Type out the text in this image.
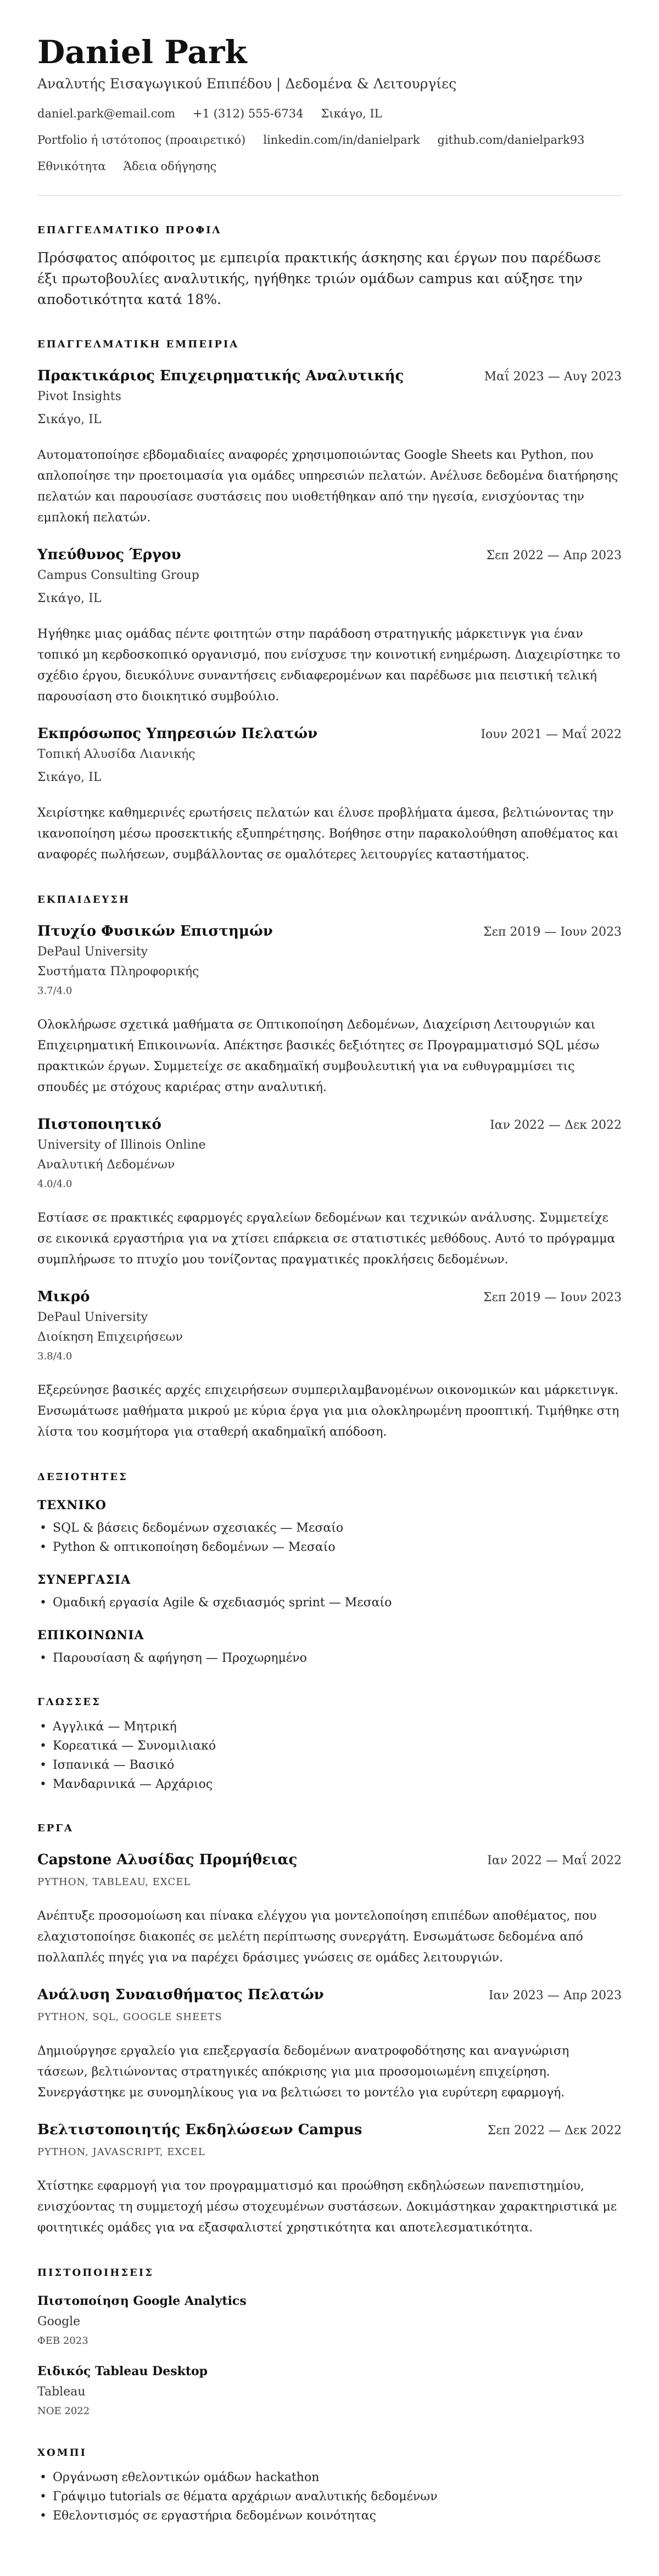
Daniel Park
Αναλυτής Εισαγωγικού Επιπέδου | Δεδομένα & Λειτουργίες
daniel.park@email.com +1 (312) 555-6734 Σικάγο, IL
Portfolio ή ιστότοπος (προαιρετικό) linkedin.com/in/danielpark github.com/danielpark93
Εθνικότητα Άδεια οδήγησης
ΕΠΑΓΓΕΛΜΑΤΙΚΟ ΠΡΟΦΙΛ
Πρόσφατος απόφοιτος με εμπειρία πρακτικής άσκησης και έργων που παρέδωσε έξι πρωτοβουλίες αναλυτικής, ηγήθηκε τριών ομάδων campus και αύξησε την αποδοτικότητα κατά 18%.
ΕΠΑΓΓΕΛΜΑΤΙΚΗ ΕΜΠΕΙΡΙΑ
Πρακτικάριος Επιχειρηματικής Αναλυτικής	Μαΐ 2023 — Αυγ 2023
Pivot Insights
Σικάγο, IL
Αυτοματοποίησε εβδομαδιαίες αναφορές χρησιμοποιώντας Google Sheets και Python, που απλοποίησε την προετοιμασία για ομάδες υπηρεσιών πελατών. Ανέλυσε δεδομένα διατήρησης πελατών και παρουσίασε συστάσεις που υιοθετήθηκαν από την ηγεσία, ενισχύοντας την εμπλοκή πελατών.
Υπεύθυνος Έργου	Σεπ 2022 — Απρ 2023
Campus Consulting Group
Σικάγο, IL
Ηγήθηκε μιας ομάδας πέντε φοιτητών στην παράδοση στρατηγικής μάρκετινγκ για έναν τοπικό μη κερδοσκοπικό οργανισμό, που ενίσχυσε την κοινοτική ενημέρωση. Διαχειρίστηκε το σχέδιο έργου, διευκόλυνε συναντήσεις ενδιαφερομένων και παρέδωσε μια πειστική τελική παρουσίαση στο διοικητικό συμβούλιο.
Εκπρόσωπος Υπηρεσιών Πελατών	Ιουν 2021 — Μαΐ 2022
Τοπική Αλυσίδα Λιανικής
Σικάγο, IL
Χειρίστηκε καθημερινές ερωτήσεις πελατών και έλυσε προβλήματα άμεσα, βελτιώνοντας την ικανοποίηση μέσω προσεκτικής εξυπηρέτησης. Βοήθησε στην παρακολούθηση αποθέματος και αναφορές πωλήσεων, συμβάλλοντας σε ομαλότερες λειτουργίες καταστήματος.
ΕΚΠΑΙΔΕΥΣΗ
Πτυχίο Φυσικών Επιστημών	Σεπ 2019 — Ιουν 2023
DePaul University
Συστήματα Πληροφορικής
3.7/4.0
Ολοκλήρωσε σχετικά μαθήματα σε Οπτικοποίηση Δεδομένων, Διαχείριση Λειτουργιών και Επιχειρηματική Επικοινωνία. Απέκτησε βασικές δεξιότητες σε Προγραμματισμό SQL μέσω πρακτικών έργων. Συμμετείχε σε ακαδημαϊκή συμβουλευτική για να ευθυγραμμίσει τις σπουδές με στόχους καριέρας στην αναλυτική.
Πιστοποιητικό	Ιαν 2022 — Δεκ 2022
University of Illinois Online
Αναλυτική Δεδομένων
4.0/4.0
Εστίασε σε πρακτικές εφαρμογές εργαλείων δεδομένων και τεχνικών ανάλυσης. Συμμετείχε σε εικονικά εργαστήρια για να χτίσει επάρκεια σε στατιστικές μεθόδους. Αυτό το πρόγραμμα συμπλήρωσε το πτυχίο μου τονίζοντας πραγματικές προκλήσεις δεδομένων.
Μικρό	Σεπ 2019 — Ιουν 2023
DePaul University
Διοίκηση Επιχειρήσεων
3.8/4.0
Εξερεύνησε βασικές αρχές επιχειρήσεων συμπεριλαμβανομένων οικονομικών και μάρκετινγκ. Ενσωμάτωσε μαθήματα μικρού με κύρια έργα για μια ολοκληρωμένη προοπτική. Τιμήθηκε στη λίστα του κοσμήτορα για σταθερή ακαδημαϊκή απόδοση.
ΔΕΞΙΟΤΗΤΕΣ
ΤΕΧΝΙΚΟ
• SQL & βάσεις δεδομένων σχεσιακές — Μεσαίο
• Python & οπτικοποίηση δεδομένων — Μεσαίο
ΣΥΝΕΡΓΑΣΙΑ
• Ομαδική εργασία Agile & σχεδιασμός sprint — Μεσαίο
ΕΠΙΚΟΙΝΩΝΙΑ
• Παρουσίαση & αφήγηση — Προχωρημένο
ΓΛΩΣΣΕΣ
• Αγγλικά — Μητρική
• Κορεατικά — Συνομιλιακό
• Ισπανικά — Βασικό
• Μανδαρινικά — Αρχάριος
ΕΡΓΑ
Capstone Αλυσίδας Προμήθειας	Ιαν 2022 — Μαΐ 2022
PYTHON, TABLEAU, EXCEL
Ανέπτυξε προσομοίωση και πίνακα ελέγχου για μοντελοποίηση επιπέδων αποθέματος, που ελαχιστοποίησε διακοπές σε μελέτη περίπτωσης συνεργάτη. Ενσωμάτωσε δεδομένα από πολλαπλές πηγές για να παρέχει δράσιμες γνώσεις σε ομάδες λειτουργιών.
Ανάλυση Συναισθήματος Πελατών	Ιαν 2023 — Απρ 2023
PYTHON, SQL, GOOGLE SHEETS
Δημιούργησε εργαλείο για επεξεργασία δεδομένων ανατροφοδότησης και αναγνώριση τάσεων, βελτιώνοντας στρατηγικές απόκρισης για μια προσομοιωμένη επιχείρηση. Συνεργάστηκε με συνομηλίκους για να βελτιώσει το μοντέλο για ευρύτερη εφαρμογή.
Βελτιστοποιητής Εκδηλώσεων Campus	Σεπ 2022 — Δεκ 2022
PYTHON, JAVASCRIPT, EXCEL
Χτίστηκε εφαρμογή για τον προγραμματισμό και προώθηση εκδηλώσεων πανεπιστημίου, ενισχύοντας τη συμμετοχή μέσω στοχευμένων συστάσεων. Δοκιμάστηκαν χαρακτηριστικά με φοιτητικές ομάδες για να εξασφαλιστεί χρηστικότητα και αποτελεσματικότητα.
ΠΙΣΤΟΠΟΙΗΣΕΙΣ
Πιστοποίηση Google Analytics
Google
ΦΕΒ 2023
Ειδικός Tableau Desktop
Tableau
ΝΟΕ 2022
ΧΟΜΠΙ
• Οργάνωση εθελοντικών ομάδων hackathon
• Γράψιμο tutorials σε θέματα αρχάριων αναλυτικής δεδομένων
• Εθελοντισμός σε εργαστήρια δεδομένων κοινότητας
